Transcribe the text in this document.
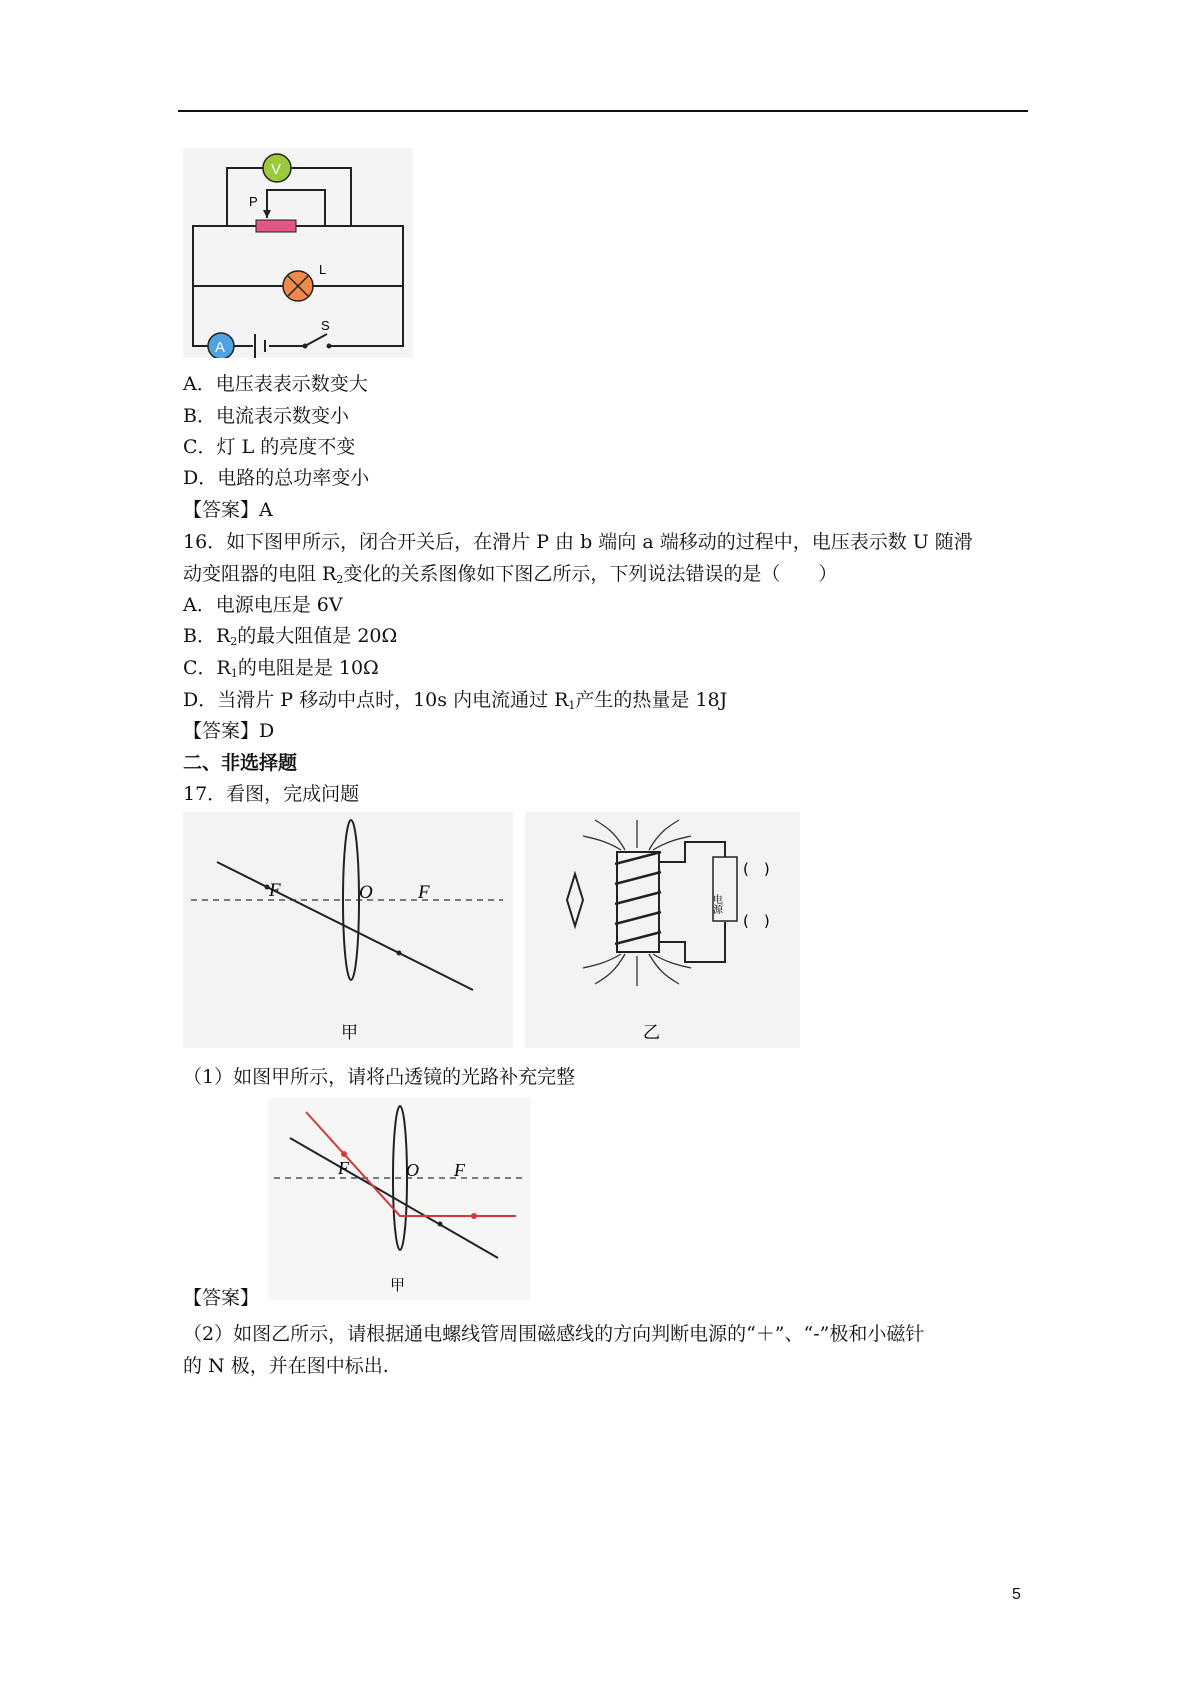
P
V
L
A
S
A．电压表表示数变大
B．电流表示数变小
C．灯 L 的亮度不变
D．电路的总功率变小
【答案】A
16．如下图甲所示，闭合开关后，在滑片 P 由 b 端向 a 端移动的过程中，电压表示数 U 随滑
动变阻器的电阻 $R_2$变化的关系图像如下图乙所示，下列说法错误的是（　　）
A．电源电压是 6V
B．$R_2$的最大阻值是 20Ω
C．$R_1$的电阻是是 10Ω
D．当滑片 P 移动中点时，10s 内电流通过 $R_1$产生的热量是 18J
【答案】D
二、非选择题
17．看图，完成问题
F	O F
甲
电源
(　)
(　)
乙
（1）如图甲所示，请将凸透镜的光路补充完整
F	O F
甲
【答案】
（2）如图乙所示，请根据通电螺线管周围磁感线的方向判断电源的“＋”、“-”极和小磁针
的 N 极，并在图中标出.
5
